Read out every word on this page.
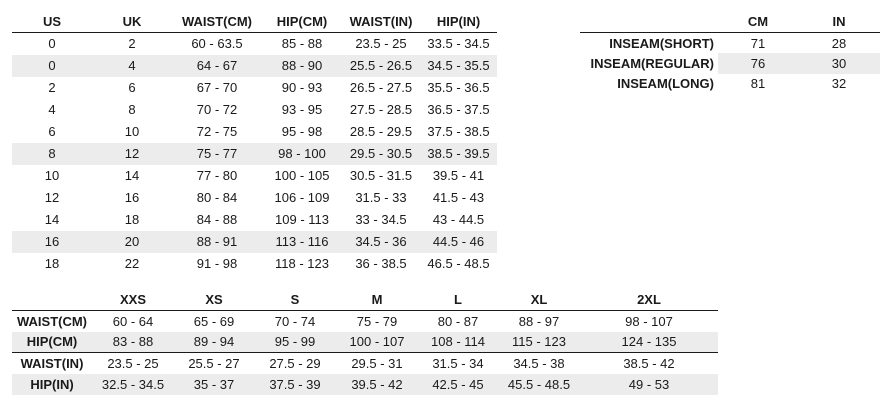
US	UK	WAIST(CM)	HIP(CM)	WAIST(IN)	HIP(IN)
0	2	60 - 63.5	85 - 88	23.5 - 25	33.5 - 34.5
0	4	64 - 67	88 - 90	25.5 - 26.5	34.5 - 35.5
2	6	67 - 70	90 - 93	26.5 - 27.5	35.5 - 36.5
4	8	70 - 72	93 - 95	27.5 - 28.5	36.5 - 37.5
6	10	72 - 75	95 - 98	28.5 - 29.5	37.5 - 38.5
8	12	75 - 77	98 - 100	29.5 - 30.5	38.5 - 39.5
10	14	77 - 80	100 - 105	30.5 - 31.5	39.5 - 41
12	16	80 - 84	106 - 109	31.5 - 33	41.5 - 43
14	18	84 - 88	109 - 113	33 - 34.5	43 - 44.5
16	20	88 - 91	113 - 116	34.5 - 36	44.5 - 46
18	22	91 - 98	118 - 123	36 - 38.5	46.5 - 48.5
	CM	IN
INSEAM(SHORT)	71	28
INSEAM(REGULAR)	76	30
INSEAM(LONG)	81	32
	XXS	XS	S	M	L	XL	2XL
WAIST(CM)	60 - 64	65 - 69	70 - 74	75 - 79	80 - 87	88 - 97	98 - 107
HIP(CM)	83 - 88	89 - 94	95 - 99	100 - 107	108 - 114	115 - 123	124 - 135
WAIST(IN)	23.5 - 25	25.5 - 27	27.5 - 29	29.5 - 31	31.5 - 34	34.5 - 38	38.5 - 42
HIP(IN)	32.5 - 34.5	35 - 37	37.5 - 39	39.5 - 42	42.5 - 45	45.5 - 48.5	49 - 53
